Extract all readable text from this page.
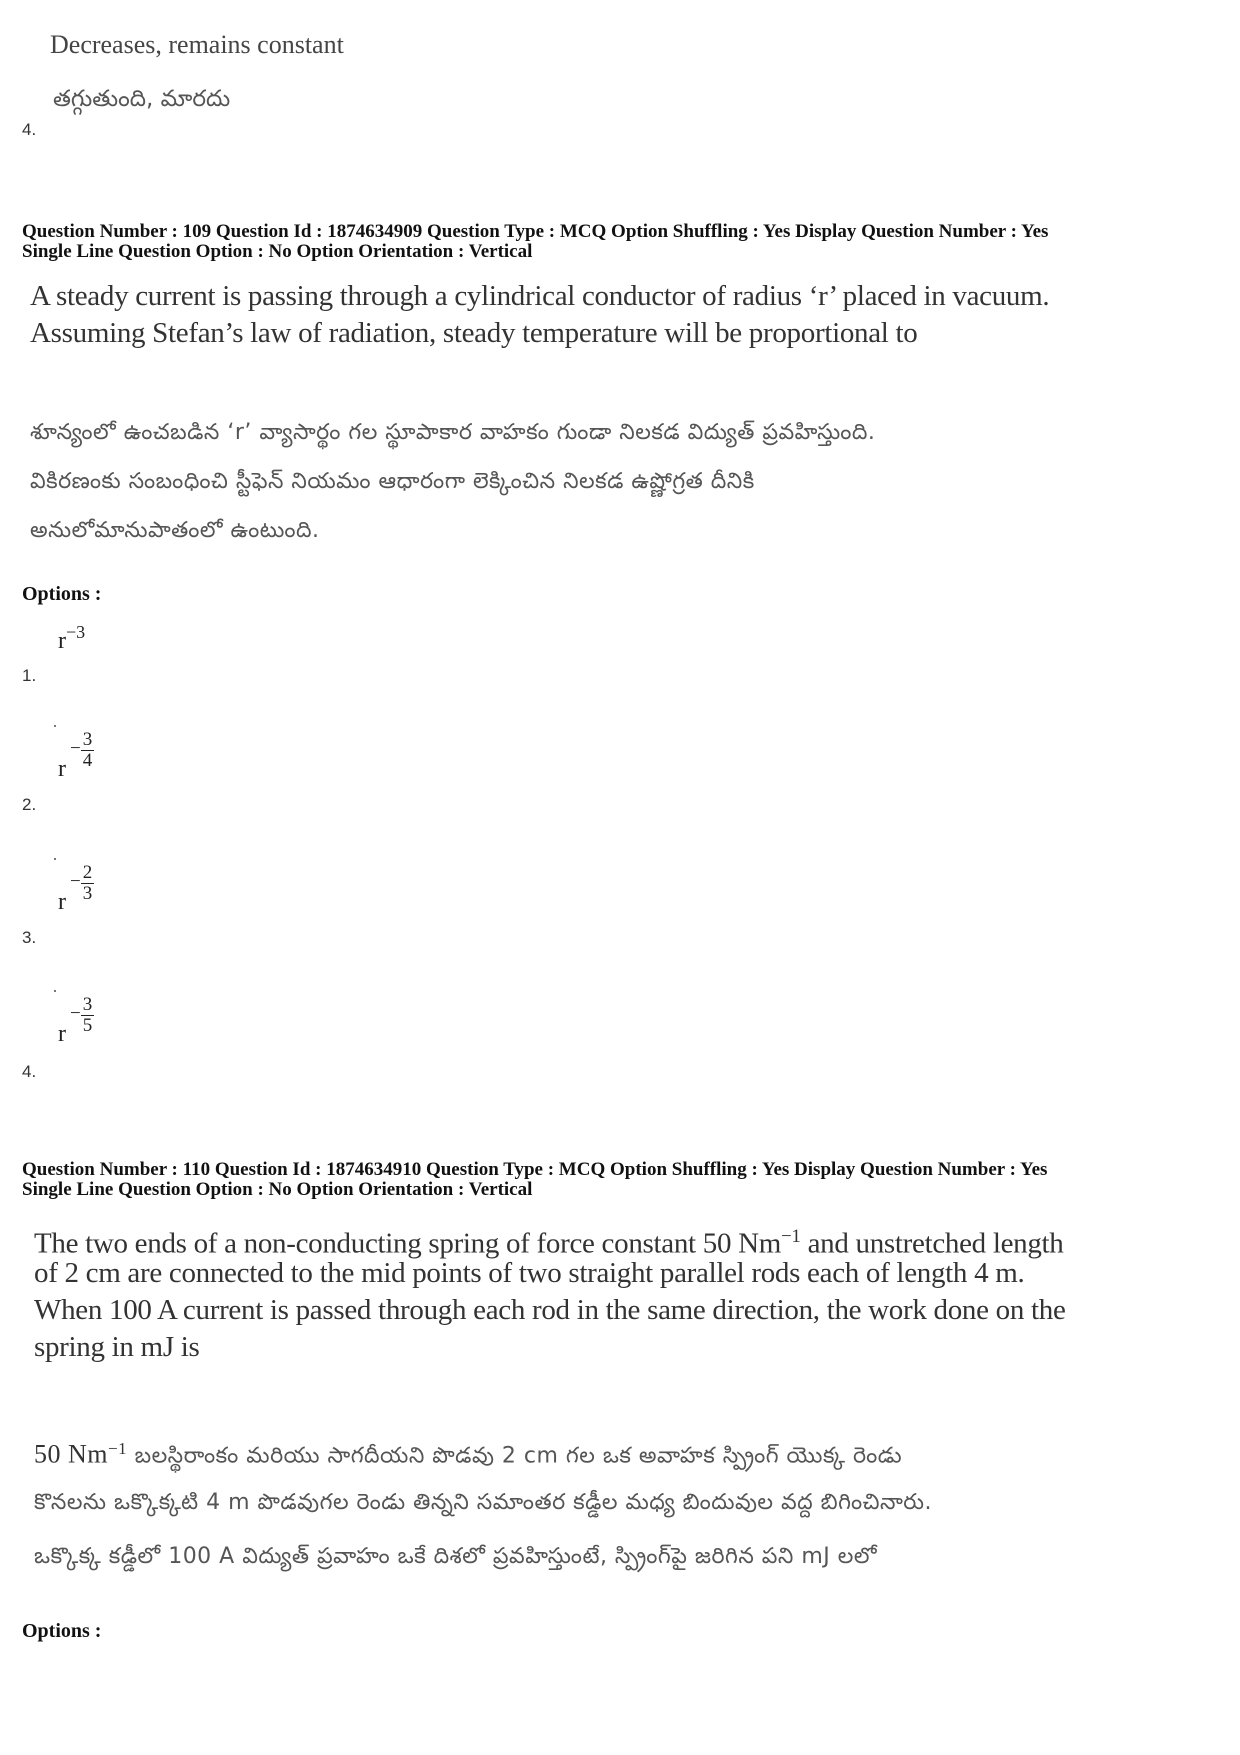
Decreases, remains constant
తగ్గుతుంది, మారదు
4.
Question Number : 109 Question Id : 1874634909 Question Type : MCQ Option Shuffling : Yes Display Question Number : Yes
Single Line Question Option : No Option Orientation : Vertical
A steady current is passing through a cylindrical conductor of radius ‘r’ placed in vacuum.
Assuming Stefan’s law of radiation, steady temperature will be proportional to
శూన్యంలో ఉంచబడిన ‘r’ వ్యాసార్థం గల స్థూపాకార వాహకం గుండా నిలకడ విద్యుత్ ప్రవహిస్తుంది.
వికిరణంకు సంబంధించి స్టీఫెన్ నియమం ఆధారంగా లెక్కించిన నిలకడ ఉష్ణోగ్రత దీనికి
అనులోమానుపాతంలో ఉంటుంది.
Options :
$r^{-3}$
1.
$r - \frac{3}{4}$
2.
$r - \frac{2}{3}$
3.
$r - \frac{3}{5}$
4.
Question Number : 110 Question Id : 1874634910 Question Type : MCQ Option Shuffling : Yes Display Question Number : Yes
Single Line Question Option : No Option Orientation : Vertical
The two ends of a non-conducting spring of force constant 50 $Nm^{-1}$ and unstretched length
of 2 cm are connected to the mid points of two straight parallel rods each of length 4 m.
When 100 A current is passed through each rod in the same direction, the work done on the
spring in mJ is
50 $Nm^{-1}$ బలస్థిరాంకం మరియు సాగదీయని పొడవు 2 cm గల ఒక అవాహక స్ప్రింగ్ యొక్క రెండు
కొనలను ఒక్కొక్కటి 4 m పొడవుగల రెండు తిన్నని సమాంతర కడ్డీల మధ్య బిందువుల వద్ద బిగించినారు.
ఒక్కొక్క కడ్డీలో 100 A విద్యుత్ ప్రవాహం ఒకే దిశలో ప్రవహిస్తుంటే, స్ప్రింగ్‌పై జరిగిన పని mJ లలో
Options :
